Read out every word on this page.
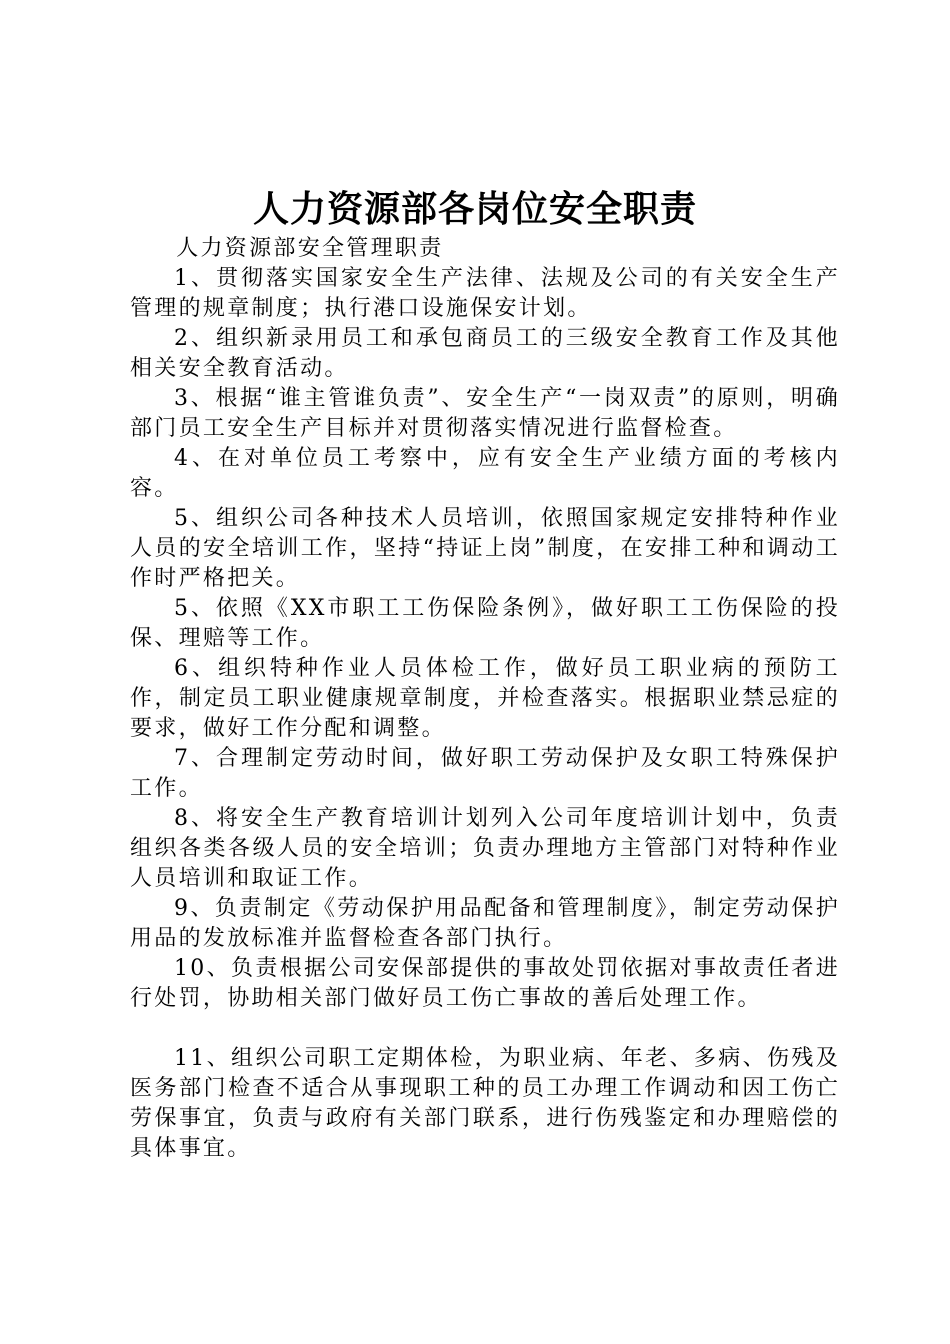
人力资源部各岗位安全职责

人力资源部安全管理职责

1、贯彻落实国家安全生产法律、法规及公司的有关安全生产管理的规章制度；执行港口设施保安计划。

2、组织新录用员工和承包商员工的三级安全教育工作及其他相关安全教育活动。

3、根据“谁主管谁负责”、安全生产“一岗双责”的原则，明确部门员工安全生产目标并对贯彻落实情况进行监督检查。

4、在对单位员工考察中，应有安全生产业绩方面的考核内容。

5、组织公司各种技术人员培训，依照国家规定安排特种作业人员的安全培训工作，坚持“持证上岗”制度，在安排工种和调动工作时严格把关。

5、依照《XX市职工工伤保险条例》，做好职工工伤保险的投保、理赔等工作。

6、组织特种作业人员体检工作，做好员工职业病的预防工作，制定员工职业健康规章制度，并检查落实。根据职业禁忌症的要求，做好工作分配和调整。

7、合理制定劳动时间，做好职工劳动保护及女职工特殊保护工作。

8、将安全生产教育培训计划列入公司年度培训计划中，负责组织各类各级人员的安全培训；负责办理地方主管部门对特种作业人员培训和取证工作。

9、负责制定《劳动保护用品配备和管理制度》，制定劳动保护用品的发放标准并监督检查各部门执行。

10、负责根据公司安保部提供的事故处罚依据对事故责任者进行处罚，协助相关部门做好员工伤亡事故的善后处理工作。

11、组织公司职工定期体检，为职业病、年老、多病、伤残及医务部门检查不适合从事现职工种的员工办理工作调动和因工伤亡劳保事宜，负责与政府有关部门联系，进行伤残鉴定和办理赔偿的具体事宜。
